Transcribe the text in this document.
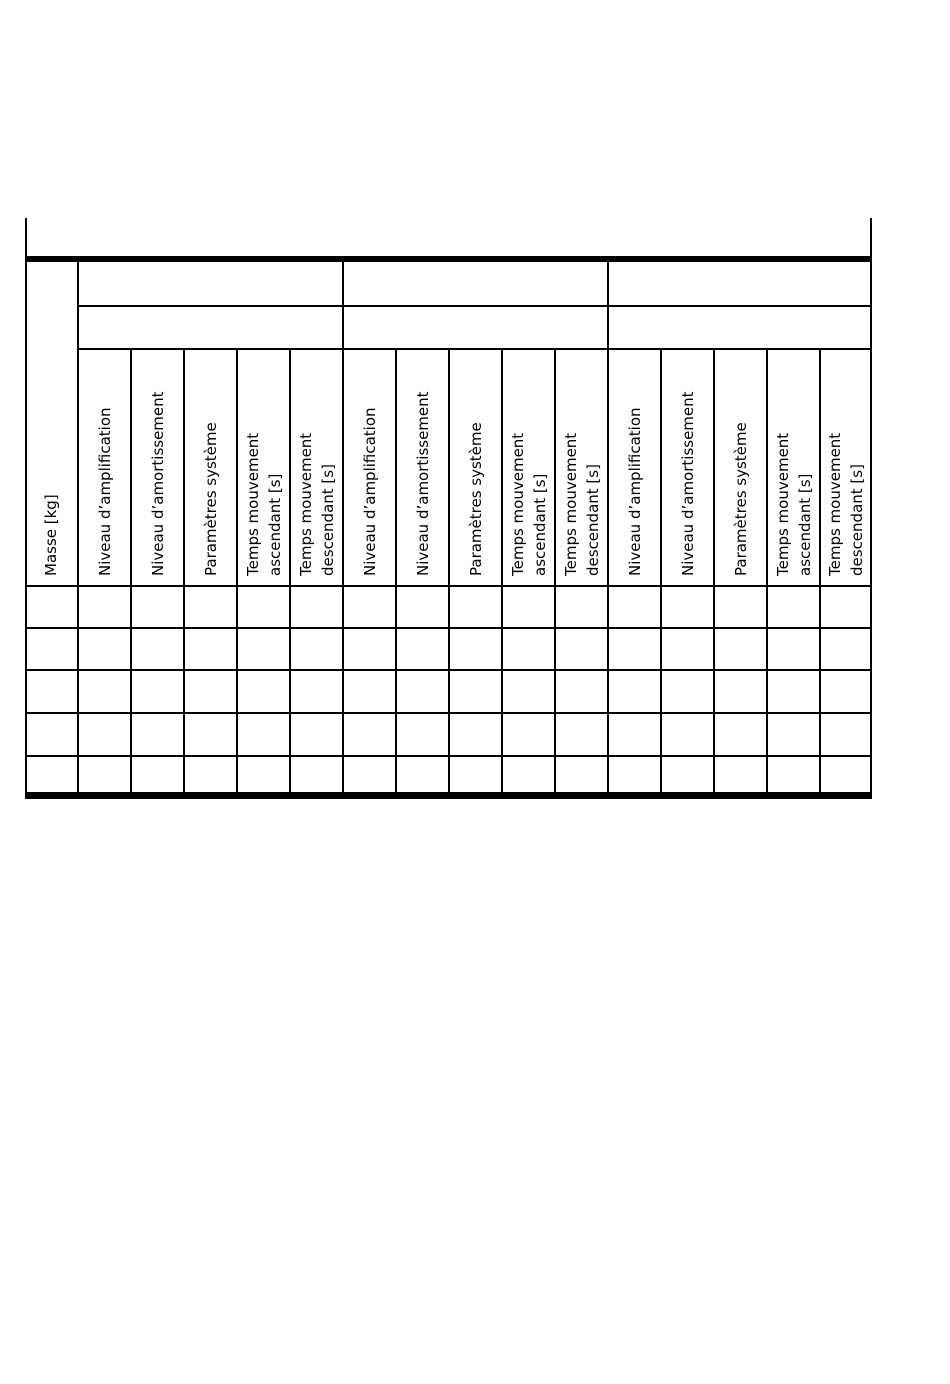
Masse [kg] Niveau d’amplification Niveau d’amortissement Paramètres système Temps mouvement ascendant [s] Temps mouvement descendant [s] Niveau d’amplification Niveau d’amortissement Paramètres système Temps mouvement ascendant [s] Temps mouvement descendant [s] Niveau d’amplification Niveau d’amortissement Paramètres système Temps mouvement ascendant [s] Temps mouvement descendant [s]
